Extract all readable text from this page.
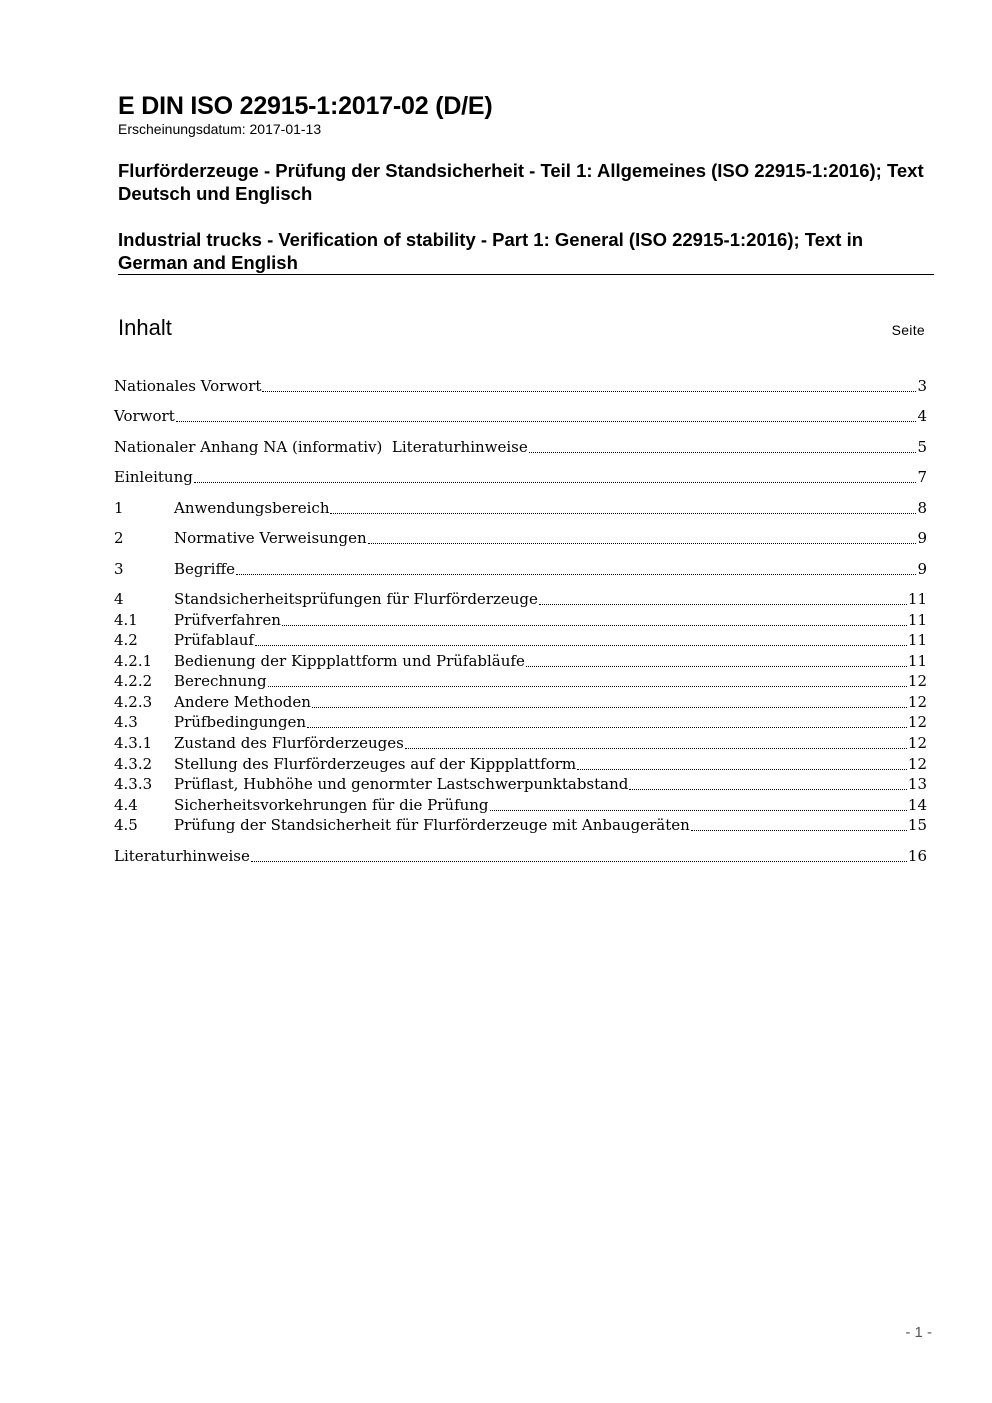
E DIN ISO 22915-1:2017-02 (D/E)
Erscheinungsdatum: 2017-01-13
Flurförderzeuge - Prüfung der Standsicherheit - Teil 1: Allgemeines (ISO 22915-1:2016); Text Deutsch und Englisch
Industrial trucks - Verification of stability - Part 1: General (ISO 22915-1:2016); Text in German and English
Inhalt	Seite
Nationales Vorwort	3
Vorwort	4
Nationaler Anhang NA (informativ)  Literaturhinweise	5
Einleitung	7
1	Anwendungsbereich	8
2	Normative Verweisungen	9
3	Begriffe	9
4	Standsicherheitsprüfungen für Flurförderzeuge	11
4.1	Prüfverfahren	11
4.2	Prüfablauf	11
4.2.1	Bedienung der Kippplattform und Prüfabläufe	11
4.2.2	Berechnung	12
4.2.3	Andere Methoden	12
4.3	Prüfbedingungen	12
4.3.1	Zustand des Flurförderzeuges	12
4.3.2	Stellung des Flurförderzeuges auf der Kippplattform	12
4.3.3	Prüflast, Hubhöhe und genormter Lastschwerpunktabstand	13
4.4	Sicherheitsvorkehrungen für die Prüfung	14
4.5	Prüfung der Standsicherheit für Flurförderzeuge mit Anbaugeräten	15
Literaturhinweise	16
- 1 -
